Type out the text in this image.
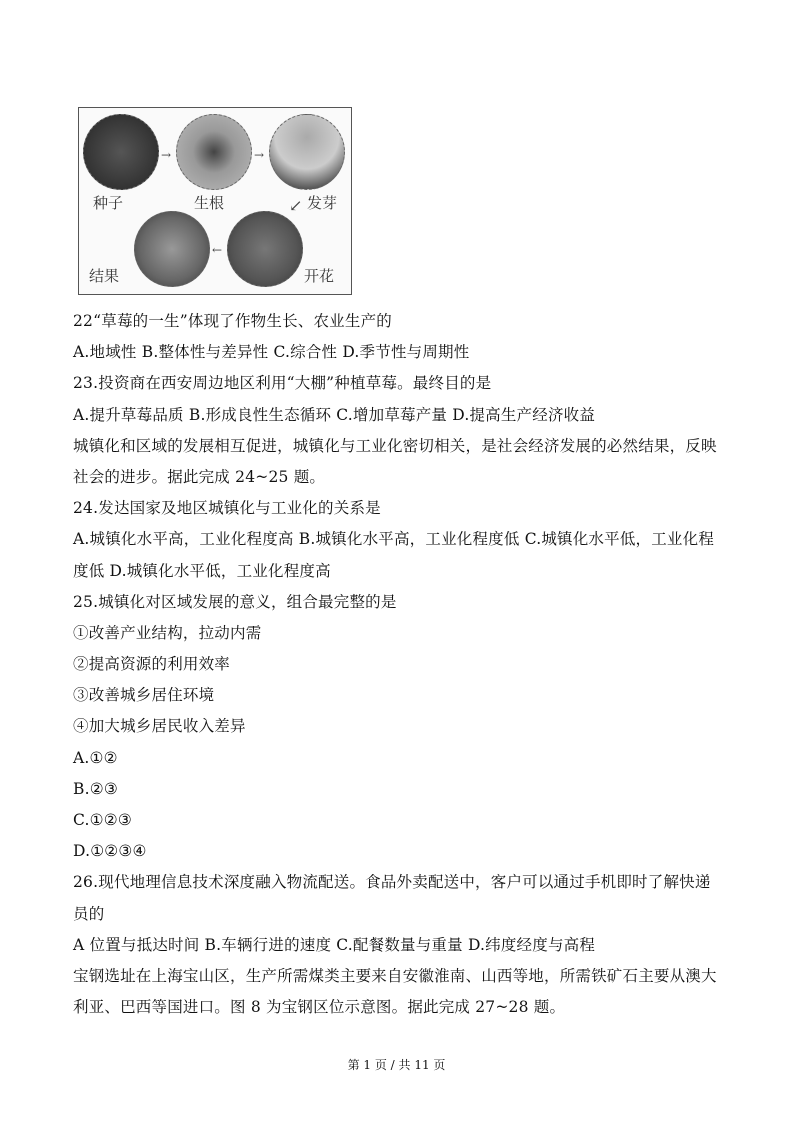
→	→
↙
←
种子	生根	发芽
开花
结果
22“草莓的一生”体现了作物生长、农业生产的
A.地域性 B.整体性与差异性 C.综合性 D.季节性与周期性
23.投资商在西安周边地区利用“大棚”种植草莓。最终目的是
A.提升草莓品质 B.形成良性生态循环 C.增加草莓产量 D.提高生产经济收益
城镇化和区域的发展相互促进，城镇化与工业化密切相关，是社会经济发展的必然结果，反映
社会的进步。据此完成 24~25 题。
24.发达国家及地区城镇化与工业化的关系是
A.城镇化水平高，工业化程度高 B.城镇化水平高，工业化程度低 C.城镇化水平低，工业化程
度低 D.城镇化水平低，工业化程度高
25.城镇化对区域发展的意义，组合最完整的是
①改善产业结构，拉动内需
②提高资源的利用效率
③改善城乡居住环境
④加大城乡居民收入差异
A.①②
B.②③
C.①②③
D.①②③④
26.现代地理信息技术深度融入物流配送。食品外卖配送中，客户可以通过手机即时了解快递
员的
A 位置与抵达时间 B.车辆行进的速度 C.配餐数量与重量 D.纬度经度与高程
宝钢选址在上海宝山区，生产所需煤类主要来自安徽淮南、山西等地，所需铁矿石主要从澳大
利亚、巴西等国进口。图 8 为宝钢区位示意图。据此完成 27~28 题。
第 1 页 / 共 11 页
